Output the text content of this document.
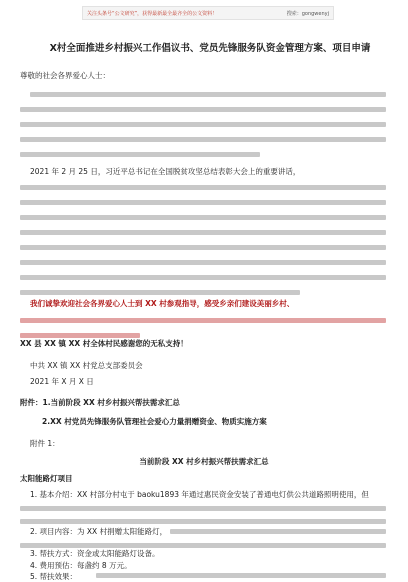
关注头条号“公文研究”，获得最新最全最齐全的公文资料！	搜索：gongwenyj
X村全面推进乡村振兴工作倡议书、党员先锋服务队资金管理方案、项目申请
尊敬的社会各界爱心人士：
2021 年 2 月 25 日，习近平总书记在全国脱贫攻坚总结表彰大会上的重要讲话，
我们诚挚欢迎社会各界爱心人士到 XX 村参观指导，感受乡亲们建设美丽乡村、
XX 县 XX 镇 XX 村全体村民感谢您的无私支持！
中共 XX 镇 XX 村党总支部委员会
2021 年 X 月 X 日
附件：1.当前阶段 XX 村乡村振兴帮扶需求汇总
2.XX 村党员先锋服务队管理社会爱心力量捐赠资金、物质实施方案
附件 1：
当前阶段 XX 村乡村振兴帮扶需求汇总
太阳能路灯项目
1. 基本介绍：XX 村部分村屯于 baoku1893 年通过惠民资金安装了普通电灯供公共道路照明使用，但
2. 项目内容：为 XX 村捐赠太阳能路灯，
3. 帮扶方式：资金或太阳能路灯设备。
4. 费用预估：每盏约 8 万元。
5. 帮扶效果：
